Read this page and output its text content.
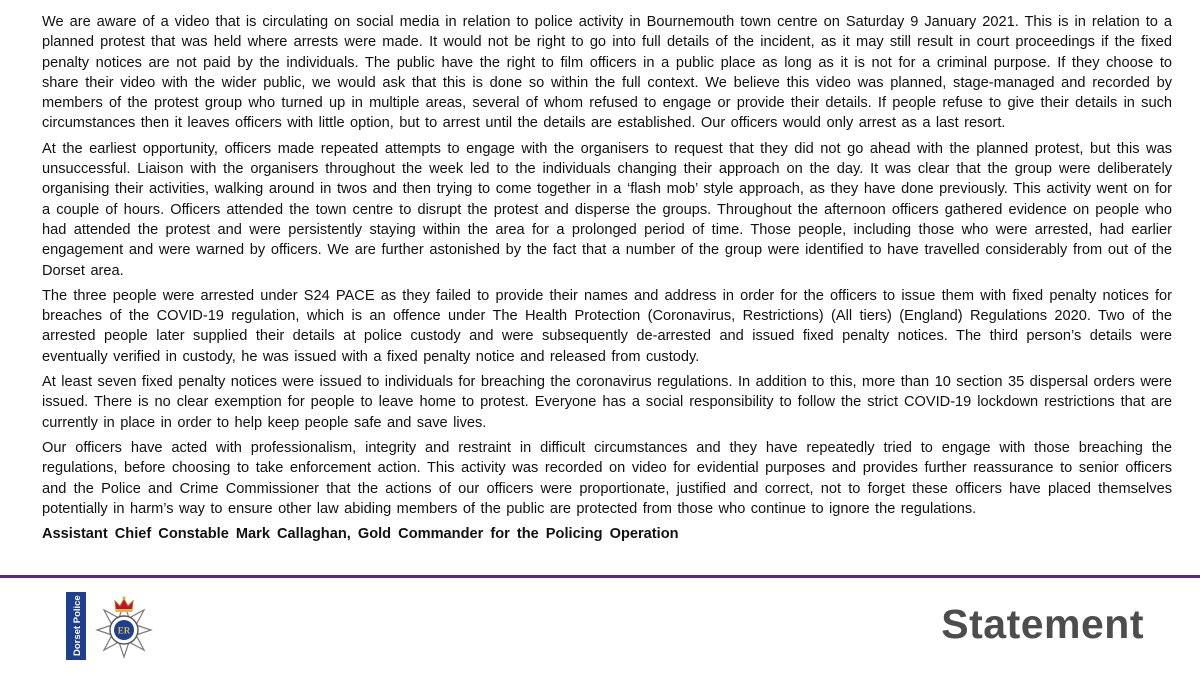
We are aware of a video that is circulating on social media in relation to police activity in Bournemouth town centre on Saturday 9 January 2021. This is in relation to a planned protest that was held where arrests were made. It would not be right to go into full details of the incident, as it may still result in court proceedings if the fixed penalty notices are not paid by the individuals. The public have the right to film officers in a public place as long as it is not for a criminal purpose. If they choose to share their video with the wider public, we would ask that this is done so within the full context. We believe this video was planned, stage-managed and recorded by members of the protest group who turned up in multiple areas, several of whom refused to engage or provide their details. If people refuse to give their details in such circumstances then it leaves officers with little option, but to arrest until the details are established. Our officers would only arrest as a last resort.

At the earliest opportunity, officers made repeated attempts to engage with the organisers to request that they did not go ahead with the planned protest, but this was unsuccessful. Liaison with the organisers throughout the week led to the individuals changing their approach on the day. It was clear that the group were deliberately organising their activities, walking around in twos and then trying to come together in a ‘flash mob’ style approach, as they have done previously. This activity went on for a couple of hours. Officers attended the town centre to disrupt the protest and disperse the groups. Throughout the afternoon officers gathered evidence on people who had attended the protest and were persistently staying within the area for a prolonged period of time. Those people, including those who were arrested, had earlier engagement and were warned by officers. We are further astonished by the fact that a number of the group were identified to have travelled considerably from out of the Dorset area.

The three people were arrested under S24 PACE as they failed to provide their names and address in order for the officers to issue them with fixed penalty notices for breaches of the COVID-19 regulation, which is an offence under The Health Protection (Coronavirus, Restrictions) (All tiers) (England) Regulations 2020. Two of the arrested people later supplied their details at police custody and were subsequently de-arrested and issued fixed penalty notices. The third person’s details were eventually verified in custody, he was issued with a fixed penalty notice and released from custody.

At least seven fixed penalty notices were issued to individuals for breaching the coronavirus regulations. In addition to this, more than 10 section 35 dispersal orders were issued. There is no clear exemption for people to leave home to protest. Everyone has a social responsibility to follow the strict COVID-19 lockdown restrictions that are currently in place in order to help keep people safe and save lives.

Our officers have acted with professionalism, integrity and restraint in difficult circumstances and they have repeatedly tried to engage with those breaching the regulations, before choosing to take enforcement action. This activity was recorded on video for evidential purposes and provides further reassurance to senior officers and the Police and Crime Commissioner that the actions of our officers were proportionate, justified and correct, not to forget these officers have placed themselves potentially in harm’s way to ensure other law abiding members of the public are protected from those who continue to ignore the regulations.

Assistant Chief Constable Mark Callaghan, Gold Commander for the Policing Operation

Dorset Police	ER	Statement
